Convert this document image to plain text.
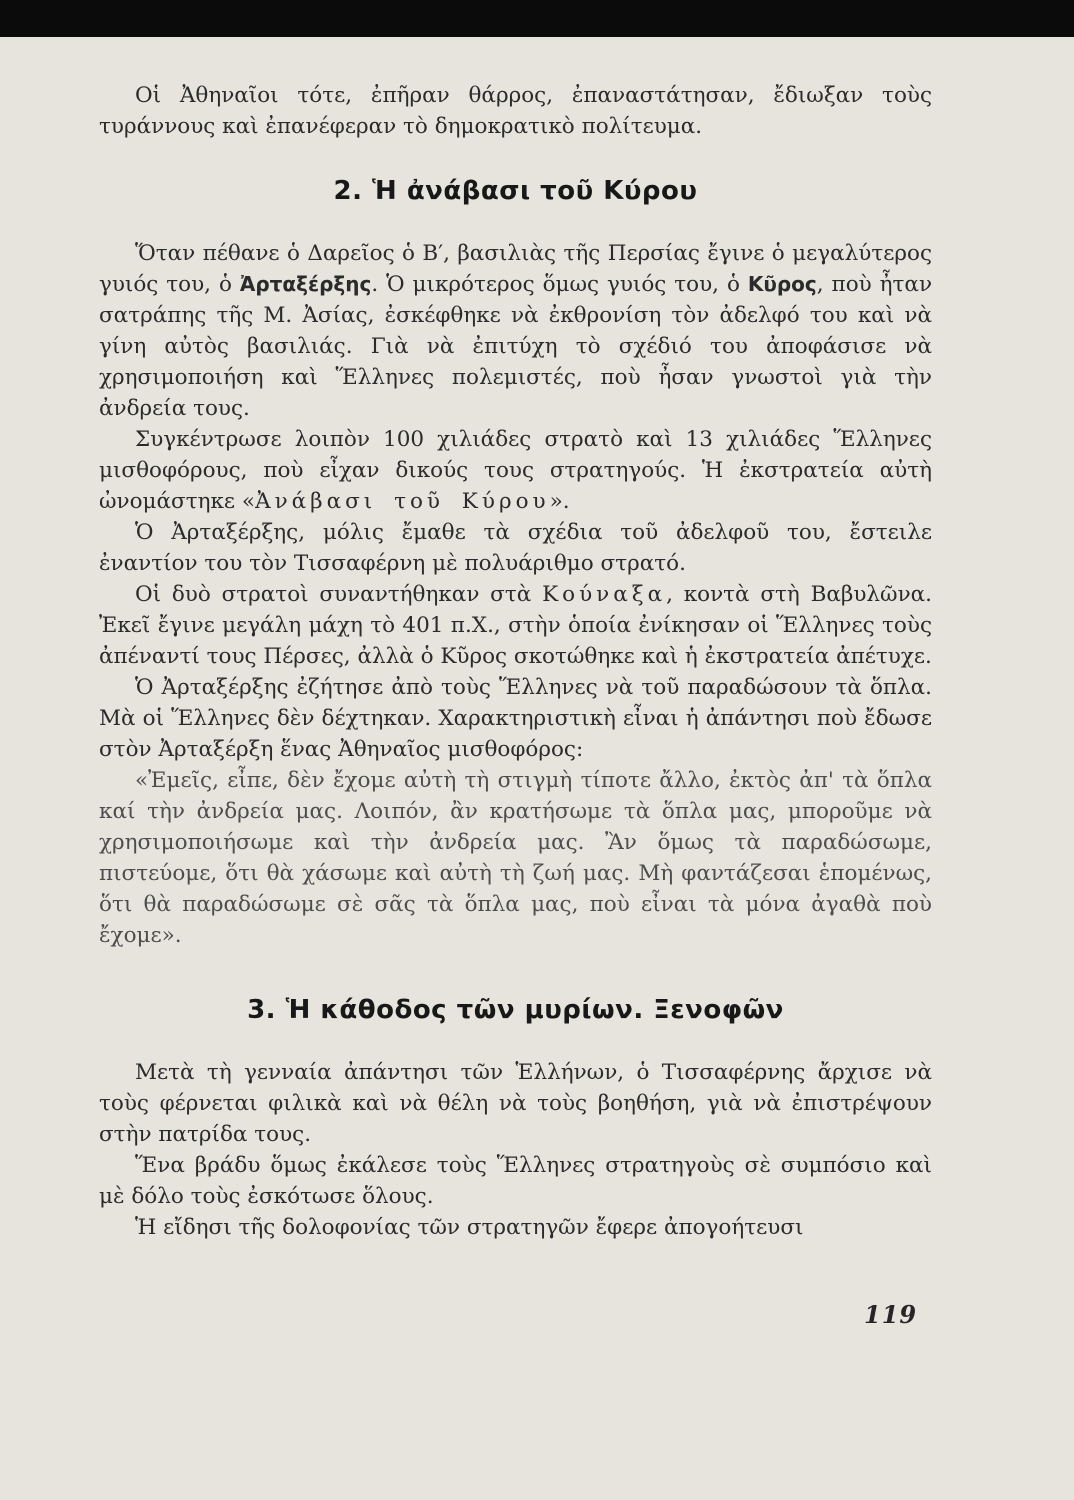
Οἱ Ἀθηναῖοι τότε, ἐπῆραν θάρρος, ἐπαναστάτησαν, ἔδιωξαν τοὺς τυράννους καὶ ἐπανέφεραν τὸ δημοκρατικὸ πολίτευμα.

2. Ἡ ἀνάβασι τοῦ Κύρου

Ὅταν πέθανε ὁ Δαρεῖος ὁ Β′, βασιλιὰς τῆς Περσίας ἔγινε ὁ μεγαλύτερος γυιός του, ὁ Ἀρταξέρξης. Ὁ μικρότερος ὅμως γυιός του, ὁ Κῦρος, ποὺ ἦταν σατράπης τῆς Μ. Ἀσίας, ἐσκέφθηκε νὰ ἐκθρονίση τὸν ἀδελφό του καὶ νὰ γίνη αὐτὸς βασιλιάς. Γιὰ νὰ ἐπιτύχη τὸ σχέδιό του ἀποφάσισε νὰ χρησιμοποιήση καὶ Ἕλληνες πολεμιστές, ποὺ ἦσαν γνωστοὶ γιὰ τὴν ἀνδρεία τους.

Συγκέντρωσε λοιπὸν 100 χιλιάδες στρατὸ καὶ 13 χιλιάδες Ἕλληνες μισθοφόρους, ποὺ εἶχαν δικούς τους στρατηγούς. Ἡ ἐκστρατεία αὐτὴ ὠνομάστηκε «Ἀνάβασι τοῦ Κύρου».

Ὁ Ἀρταξέρξης, μόλις ἔμαθε τὰ σχέδια τοῦ ἀδελφοῦ του, ἔστειλε ἐναντίον του τὸν Τισσαφέρνη μὲ πολυάριθμο στρατό.

Οἱ δυὸ στρατοὶ συναντήθηκαν στὰ Κούναξα, κοντὰ στὴ Βαβυλῶνα. Ἐκεῖ ἔγινε μεγάλη μάχη τὸ 401 π.Χ., στὴν ὁποία ἐνίκησαν οἱ Ἕλληνες τοὺς ἀπέναντί τους Πέρσες, ἀλλὰ ὁ Κῦρος σκοτώθηκε καὶ ἡ ἐκστρατεία ἀπέτυχε.

Ὁ Ἀρταξέρξης ἐζήτησε ἀπὸ τοὺς Ἕλληνες νὰ τοῦ παραδώσουν τὰ ὅπλα. Μὰ οἱ Ἕλληνες δὲν δέχτηκαν. Χαρακτηριστικὴ εἶναι ἡ ἀπάντησι ποὺ ἔδωσε στὸν Ἀρταξέρξη ἕνας Ἀθηναῖος μισθοφόρος:

«Ἐμεῖς, εἶπε, δὲν ἔχομε αὐτὴ τὴ στιγμὴ τίποτε ἄλλο, ἐκτὸς ἀπ' τὰ ὅπλα καί τὴν ἀνδρεία μας. Λοιπόν, ἂν κρατήσωμε τὰ ὅπλα μας, μποροῦμε νὰ χρησιμοποιήσωμε καὶ τὴν ἀνδρεία μας. Ἂν ὅμως τὰ παραδώσωμε, πιστεύομε, ὅτι θὰ χάσωμε καὶ αὐτὴ τὴ ζωή μας. Μὴ φαντάζεσαι ἑπομένως, ὅτι θὰ παραδώσωμε σὲ σᾶς τὰ ὅπλα μας, ποὺ εἶναι τὰ μόνα ἀγαθὰ ποὺ ἔχομε».

3. Ἡ κάθοδος τῶν μυρίων. Ξενοφῶν

Μετὰ τὴ γενναία ἀπάντησι τῶν Ἑλλήνων, ὁ Τισσαφέρνης ἄρχισε νὰ τοὺς φέρνεται φιλικὰ καὶ νὰ θέλη νὰ τοὺς βοηθήση, γιὰ νὰ ἐπιστρέψουν στὴν πατρίδα τους.

Ἕνα βράδυ ὅμως ἐκάλεσε τοὺς Ἕλληνες στρατηγοὺς σὲ συμπόσιο καὶ μὲ δόλο τοὺς ἐσκότωσε ὅλους.

Ἡ εἴδησι τῆς δολοφονίας τῶν στρατηγῶν ἔφερε ἀπογοήτευσι

119
